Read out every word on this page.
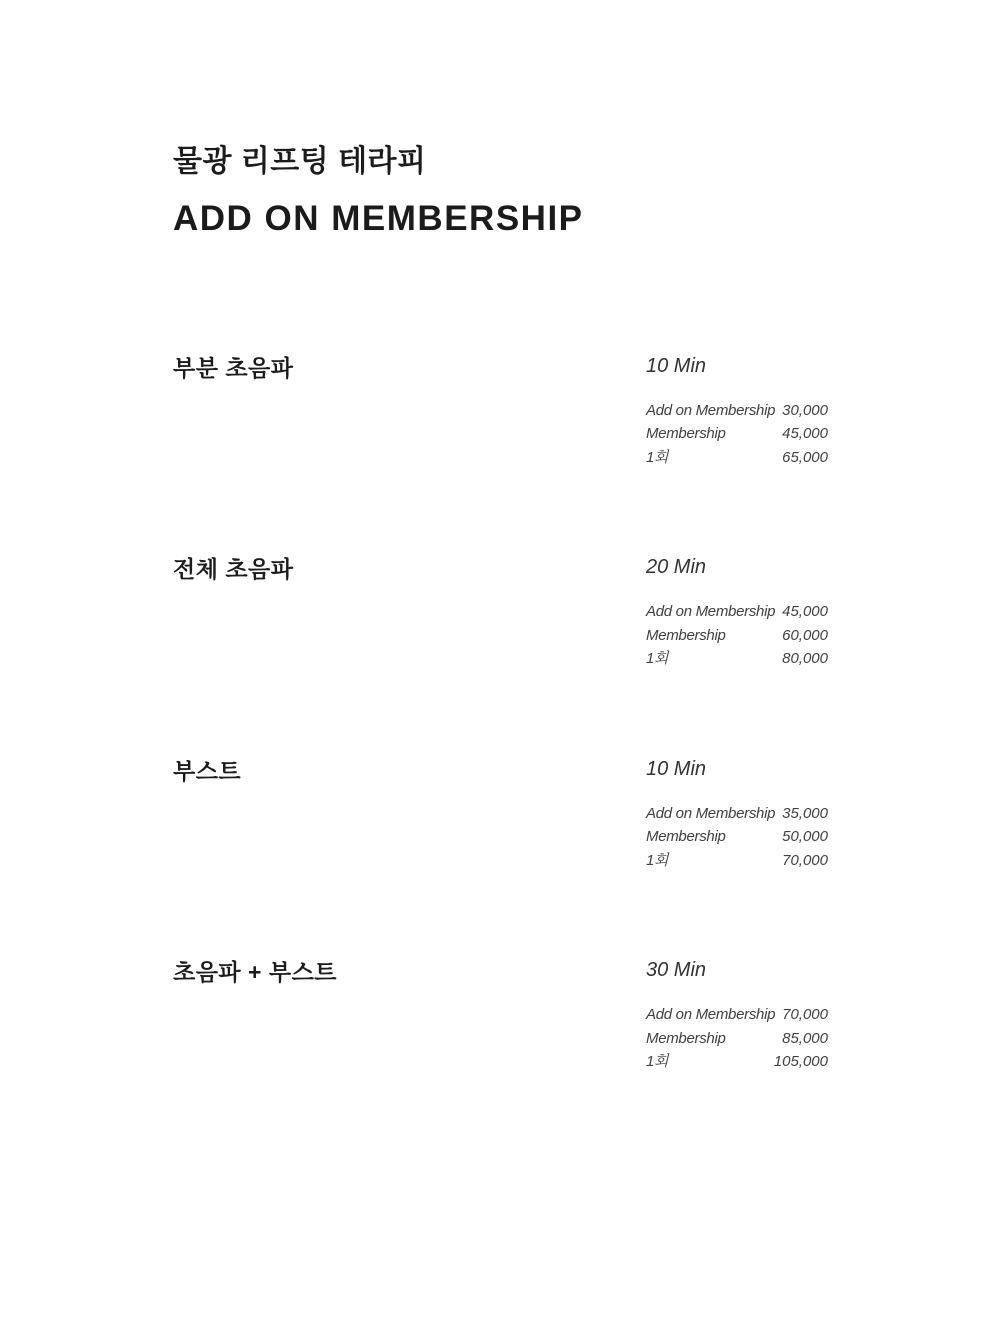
물광 리프팅 테라피
ADD ON MEMBERSHIP
부분 초음파	10 Min
Add on Membership 30,000
Membership	45,000
1회	65,000
전체 초음파	20 Min
Add on Membership 45,000
Membership	60,000
1회	80,000
부스트	10 Min
Add on Membership 35,000
Membership	50,000
1회	70,000
초음파 + 부스트	30 Min
Add on Membership 70,000
Membership	85,000
1회	105,000
